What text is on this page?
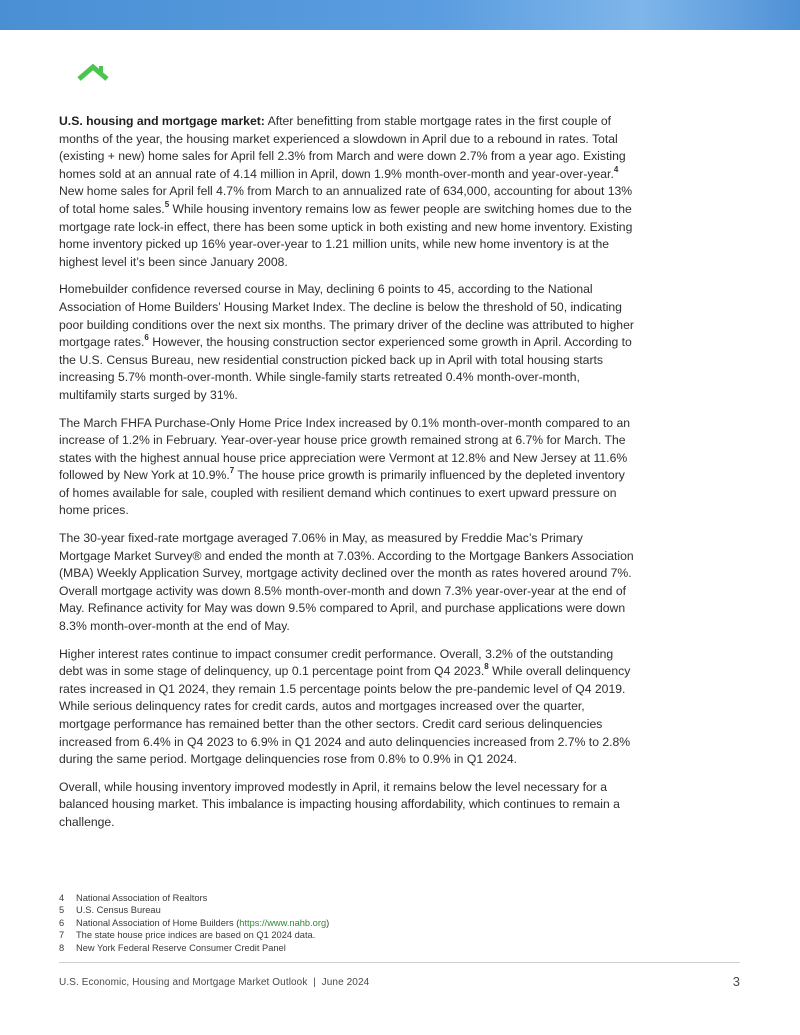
U.S. housing and mortgage market: After benefitting from stable mortgage rates in the first couple of months of the year, the housing market experienced a slowdown in April due to a rebound in rates. Total (existing + new) home sales for April fell 2.3% from March and were down 2.7% from a year ago. Existing homes sold at an annual rate of 4.14 million in April, down 1.9% month-over-month and year-over-year.$^4$ New home sales for April fell 4.7% from March to an annualized rate of 634,000, accounting for about 13% of total home sales.$^5$ While housing inventory remains low as fewer people are switching homes due to the mortgage rate lock-in effect, there has been some uptick in both existing and new home inventory. Existing home inventory picked up 16% year-over-year to 1.21 million units, while new home inventory is at the highest level it’s been since January 2008.

Homebuilder confidence reversed course in May, declining 6 points to 45, according to the National Association of Home Builders’ Housing Market Index. The decline is below the threshold of 50, indicating poor building conditions over the next six months. The primary driver of the decline was attributed to higher mortgage rates.$^6$ However, the housing construction sector experienced some growth in April. According to the U.S. Census Bureau, new residential construction picked back up in April with total housing starts increasing 5.7% month-over-month. While single-family starts retreated 0.4% month-over-month, multifamily starts surged by 31%.

The March FHFA Purchase-Only Home Price Index increased by 0.1% month-over-month compared to an increase of 1.2% in February. Year-over-year house price growth remained strong at 6.7% for March. The states with the highest annual house price appreciation were Vermont at 12.8% and New Jersey at 11.6% followed by New York at 10.9%.$^7$ The house price growth is primarily influenced by the depleted inventory of homes available for sale, coupled with resilient demand which continues to exert upward pressure on home prices.

The 30-year fixed-rate mortgage averaged 7.06% in May, as measured by Freddie Mac’s Primary Mortgage Market Survey® and ended the month at 7.03%. According to the Mortgage Bankers Association (MBA) Weekly Application Survey, mortgage activity declined over the month as rates hovered around 7%. Overall mortgage activity was down 8.5% month-over-month and down 7.3% year-over-year at the end of May. Refinance activity for May was down 9.5% compared to April, and purchase applications were down 8.3% month-over-month at the end of May.

Higher interest rates continue to impact consumer credit performance. Overall, 3.2% of the outstanding debt was in some stage of delinquency, up 0.1 percentage point from Q4 2023.$^8$ While overall delinquency rates increased in Q1 2024, they remain 1.5 percentage points below the pre-pandemic level of Q4 2019. While serious delinquency rates for credit cards, autos and mortgages increased over the quarter, mortgage performance has remained better than the other sectors. Credit card serious delinquencies increased from 6.4% in Q4 2023 to 6.9% in Q1 2024 and auto delinquencies increased from 2.7% to 2.8% during the same period. Mortgage delinquencies rose from 0.8% to 0.9% in Q1 2024.

Overall, while housing inventory improved modestly in April, it remains below the level necessary for a balanced housing market. This imbalance is impacting housing affordability, which continues to remain a challenge.

4	National Association of Realtors
5	U.S. Census Bureau
6	National Association of Home Builders (https://www.nahb.org)
7	The state house price indices are based on Q1 2024 data.
8	New York Federal Reserve Consumer Credit Panel
U.S. Economic, Housing and Mortgage Market Outlook  |  June 2024	3
